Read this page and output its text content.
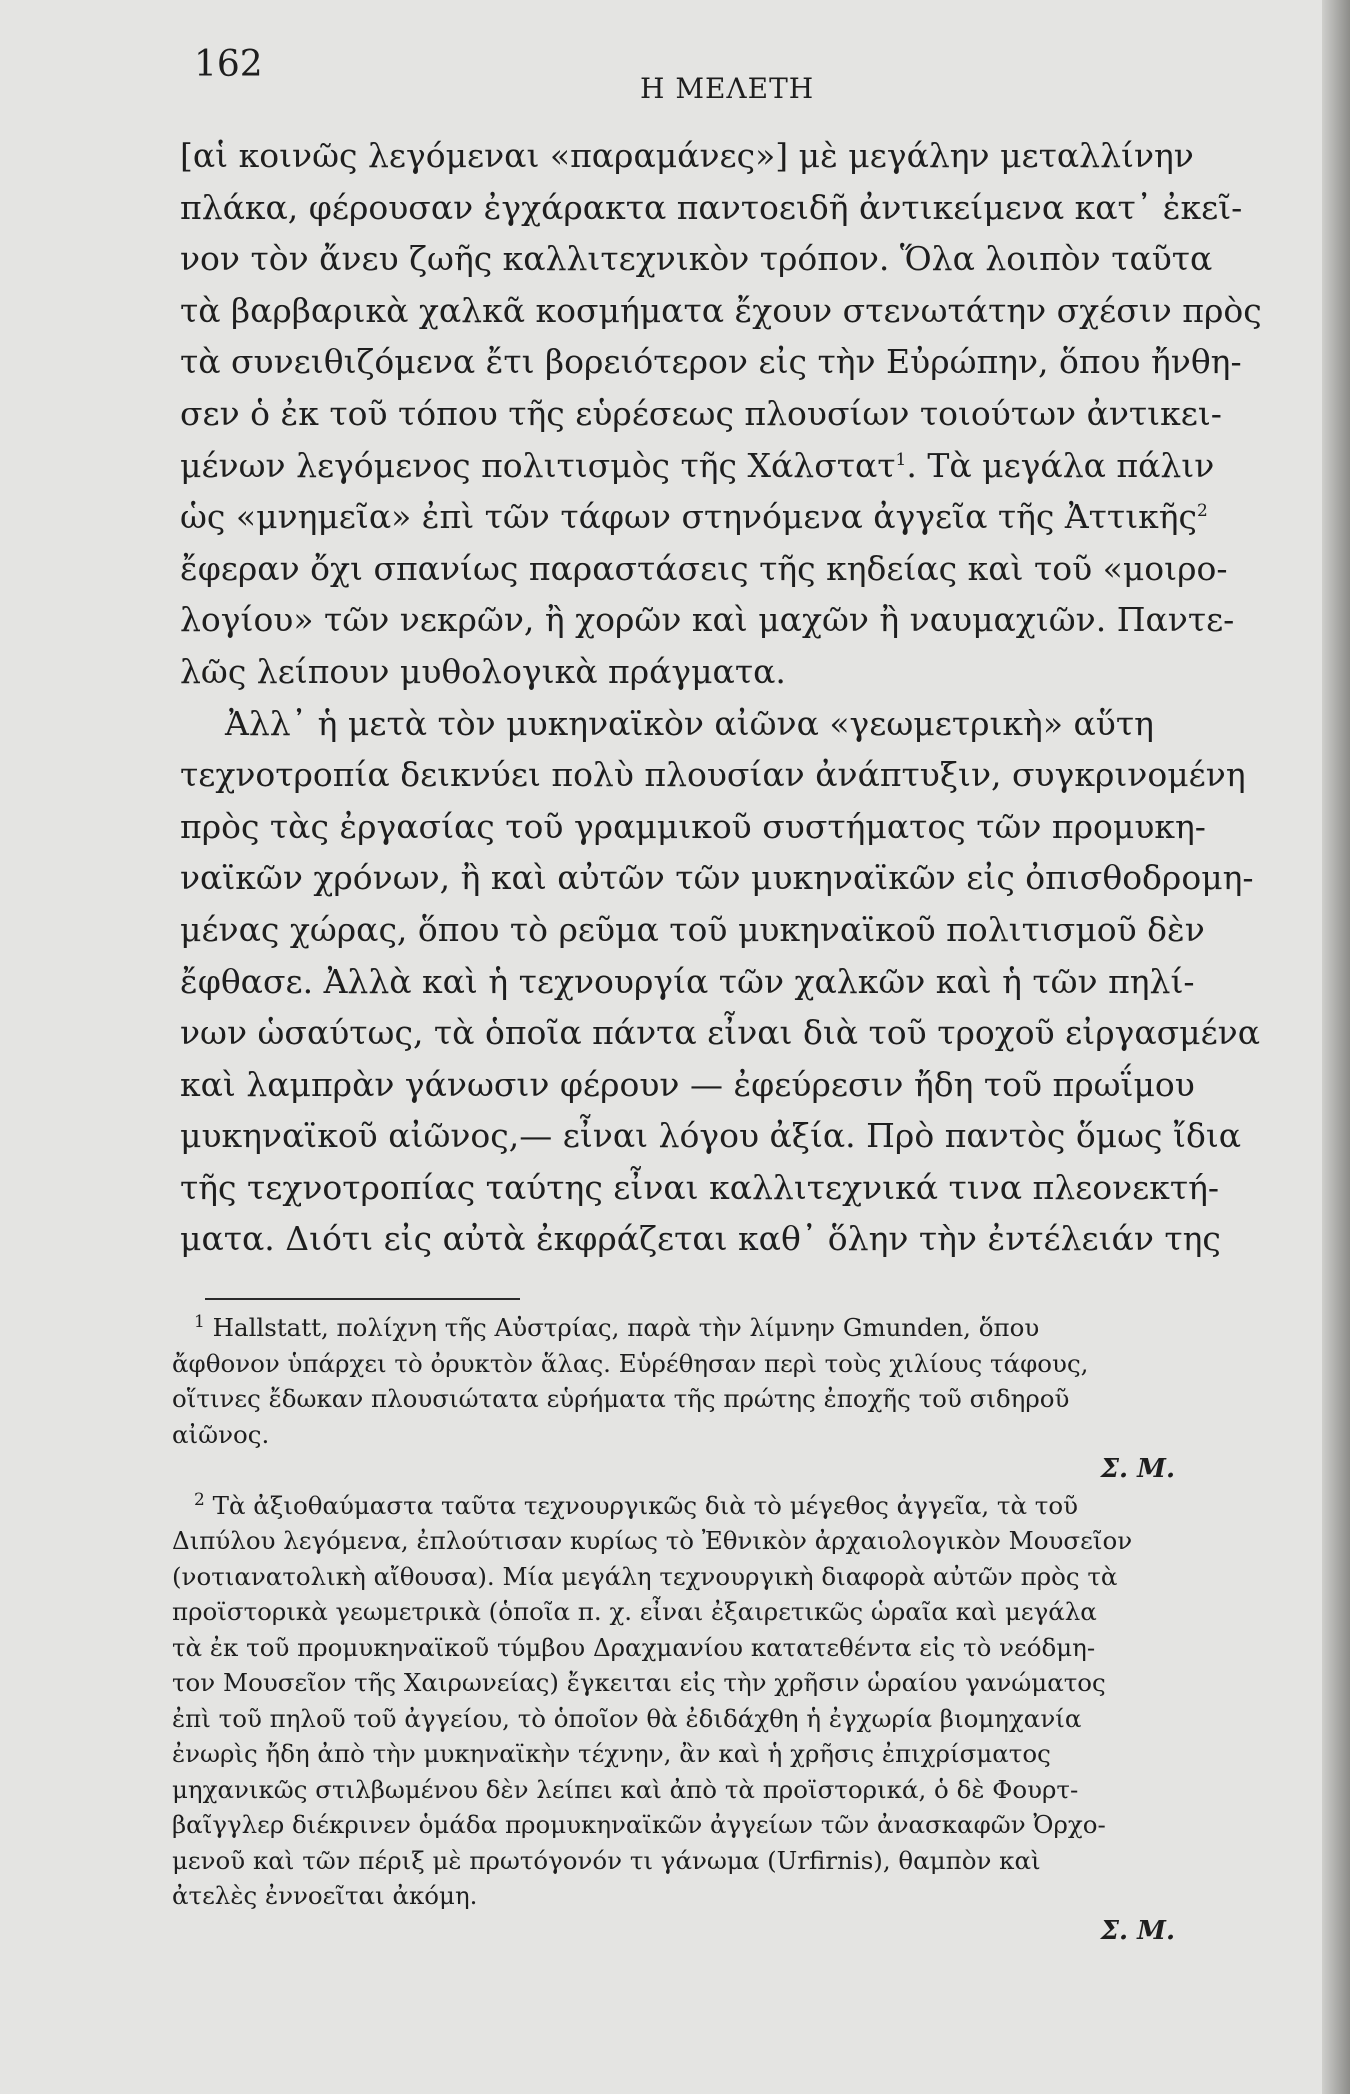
162
Η ΜΕΛΕΤΗ
[αἱ κοινῶς λεγόμεναι «παραμάνες»] μὲ μεγάλην μεταλλίνην
πλάκα, φέρουσαν ἐγχάρακτα παντοειδῆ ἀντικείμενα κατ᾿ ἐκεῖ-
νον τὸν ἄνευ ζωῆς καλλιτεχνικὸν τρόπον. Ὅλα λοιπὸν ταῦτα
τὰ βαρβαρικὰ χαλκᾶ κοσμήματα ἔχουν στενωτάτην σχέσιν πρὸς
τὰ συνειθιζόμενα ἔτι βορειότερον εἰς τὴν Εὐρώπην, ὅπου ἤνθη-
σεν ὁ ἐκ τοῦ τόπου τῆς εὑρέσεως πλουσίων τοιούτων ἀντικει-
μένων λεγόμενος πολιτισμὸς τῆς Χάλστατ$^1$. Τὰ μεγάλα πάλιν
ὡς «μνημεῖα» ἐπὶ τῶν τάφων στηνόμενα ἀγγεῖα τῆς Ἀττικῆς$^2$
ἔφεραν ὄχι σπανίως παραστάσεις τῆς κηδείας καὶ τοῦ «μοιρο-
λογίου» τῶν νεκρῶν, ἢ χορῶν καὶ μαχῶν ἢ ναυμαχιῶν. Παντε-
λῶς λείπουν μυθολογικὰ πράγματα.
Ἀλλ᾿ ἡ μετὰ τὸν μυκηναϊκὸν αἰῶνα «γεωμετρικὴ» αὕτη
τεχνοτροπία δεικνύει πολὺ πλουσίαν ἀνάπτυξιν, συγκρινομένη
πρὸς τὰς ἐργασίας τοῦ γραμμικοῦ συστήματος τῶν προμυκη-
ναϊκῶν χρόνων, ἢ καὶ αὐτῶν τῶν μυκηναϊκῶν εἰς ὀπισθοδρομη-
μένας χώρας, ὅπου τὸ ρεῦμα τοῦ μυκηναϊκοῦ πολιτισμοῦ δὲν
ἔφθασε. Ἀλλὰ καὶ ἡ τεχνουργία τῶν χαλκῶν καὶ ἡ τῶν πηλί-
νων ὡσαύτως, τὰ ὁποῖα πάντα εἶναι διὰ τοῦ τροχοῦ εἰργασμένα
καὶ λαμπρὰν γάνωσιν φέρουν — ἐφεύρεσιν ἤδη τοῦ πρωΐμου
μυκηναϊκοῦ αἰῶνος,— εἶναι λόγου ἀξία. Πρὸ παντὸς ὅμως ἴδια
τῆς τεχνοτροπίας ταύτης εἶναι καλλιτεχνικά τινα πλεονεκτή-
ματα. Διότι εἰς αὐτὰ ἐκφράζεται καθ᾿ ὅλην τὴν ἐντέλειάν της
$^1$ Hallstatt, πολίχνη τῆς Αὐστρίας, παρὰ τὴν λίμνην Gmunden, ὅπου
ἄφθονον ὑπάρχει τὸ ὀρυκτὸν ἅλας. Εὑρέθησαν περὶ τοὺς χιλίους τάφους,
οἵτινες ἔδωκαν πλουσιώτατα εὑρήματα τῆς πρώτης ἐποχῆς τοῦ σιδηροῦ
αἰῶνος.
Σ. Μ.
$^2$ Τὰ ἀξιοθαύμαστα ταῦτα τεχνουργικῶς διὰ τὸ μέγεθος ἀγγεῖα, τὰ τοῦ
Διπύλου λεγόμενα, ἐπλούτισαν κυρίως τὸ Ἐθνικὸν ἀρχαιολογικὸν Μουσεῖον
(νοτιανατολικὴ αἴθουσα). Μία μεγάλη τεχνουργικὴ διαφορὰ αὐτῶν πρὸς τὰ
προϊστορικὰ γεωμετρικὰ (ὁποῖα π. χ. εἶναι ἐξαιρετικῶς ὡραῖα καὶ μεγάλα
τὰ ἐκ τοῦ προμυκηναϊκοῦ τύμβου Δραχμανίου κατατεθέντα εἰς τὸ νεόδμη-
τον Μουσεῖον τῆς Χαιρωνείας) ἔγκειται εἰς τὴν χρῆσιν ὡραίου γανώματος
ἐπὶ τοῦ πηλοῦ τοῦ ἀγγείου, τὸ ὁποῖον θὰ ἐδιδάχθη ἡ ἐγχωρία βιομηχανία
ἐνωρὶς ἤδη ἀπὸ τὴν μυκηναϊκὴν τέχνην, ἂν καὶ ἡ χρῆσις ἐπιχρίσματος
μηχανικῶς στιλβωμένου δὲν λείπει καὶ ἀπὸ τὰ προϊστορικά, ὁ δὲ Φουρτ-
βαῖγγλερ διέκρινεν ὁμάδα προμυκηναϊκῶν ἀγγείων τῶν ἀνασκαφῶν Ὀρχο-
μενοῦ καὶ τῶν πέριξ μὲ πρωτόγονόν τι γάνωμα (Urfirnis), θαμπὸν καὶ
ἀτελὲς ἐννοεῖται ἀκόμη.
Σ. Μ.
